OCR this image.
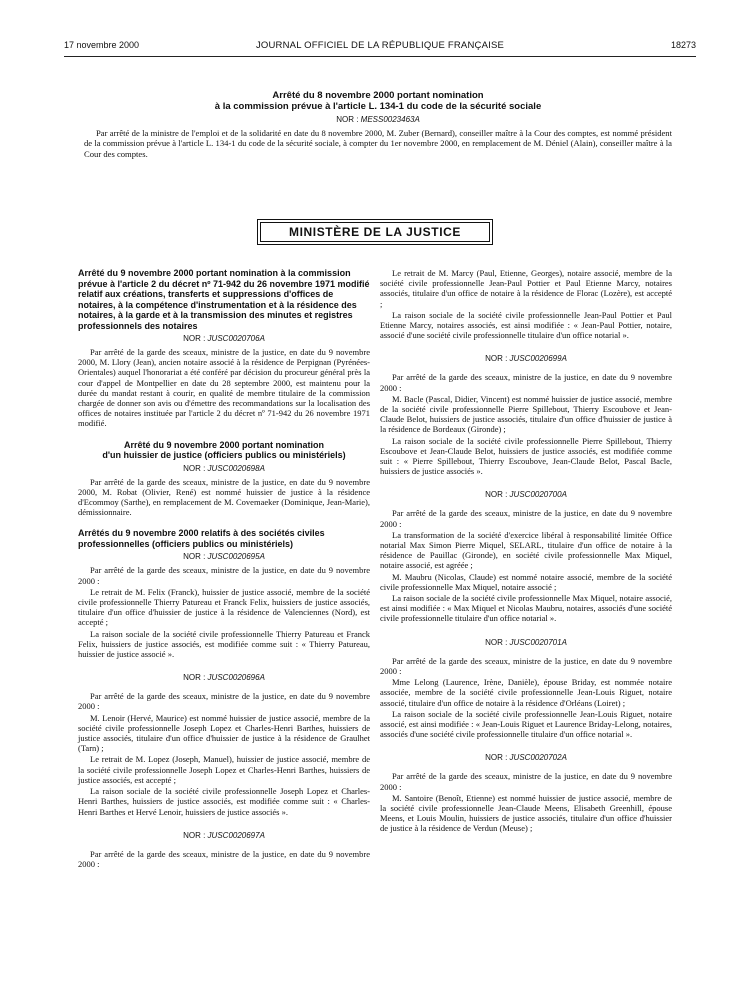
17 novembre 2000	JOURNAL OFFICIEL DE LA RÉPUBLIQUE FRANÇAISE	18273

Arrêté du 8 novembre 2000 portant nomination

à la commission prévue à l'article L. 134-1 du code de la sécurité sociale

NOR : MESS0023463A

Par arrêté de la ministre de l'emploi et de la solidarité en date du 8 novembre 2000, M. Zuber (Bernard), conseiller maître à la Cour des comptes, est nommé président de la commission prévue à l'article L. 134-1 du code de la sécurité sociale, à compter du 1er novembre 2000, en remplacement de M. Déniel (Alain), conseiller maître à la Cour des comptes.

MINISTÈRE DE LA JUSTICE

Arrêté du 9 novembre 2000 portant nomination à la commission prévue à l'article 2 du décret nº 71-942 du 26 novembre 1971 modifié relatif aux créations, transferts et suppressions d'offices de notaires, à la compétence d'instrumentation et à la résidence des notaires, à la garde et à la transmission des minutes et registres professionnels des notaires

NOR : JUSC0020706A

Par arrêté de la garde des sceaux, ministre de la justice, en date du 9 novembre 2000, M. Llory (Jean), ancien notaire associé à la résidence de Perpignan (Pyrénées-Orientales) auquel l'honorariat a été conféré par décision du procureur général près la cour d'appel de Montpellier en date du 28 septembre 2000, est maintenu pour la durée du mandat restant à courir, en qualité de membre titulaire de la commission chargée de donner son avis ou d'émettre des recommandations sur la localisation des offices de notaires instituée par l'article 2 du décret nº 71-942 du 26 novembre 1971 modifié.

Arrêté du 9 novembre 2000 portant nomination

d'un huissier de justice (officiers publics ou ministériels)

NOR : JUSC0020698A

Par arrêté de la garde des sceaux, ministre de la justice, en date du 9 novembre 2000, M. Robat (Olivier, René) est nommé huissier de justice à la résidence d'Ecommoy (Sarthe), en remplacement de M. Covemaeker (Dominique, Jean-Marie), démissionnaire.

Arrêtés du 9 novembre 2000 relatifs à des sociétés civiles professionnelles (officiers publics ou ministériels)

NOR : JUSC0020695A

Par arrêté de la garde des sceaux, ministre de la justice, en date du 9 novembre 2000 :

Le retrait de M. Felix (Franck), huissier de justice associé, membre de la société civile professionnelle Thierry Patureau et Franck Felix, huissiers de justice associés, titulaire d'un office d'huissier de justice à la résidence de Valenciennes (Nord), est accepté ;

La raison sociale de la société civile professionnelle Thierry Patureau et Franck Felix, huissiers de justice associés, est modifiée comme suit : « Thierry Patureau, huissier de justice associé ».

NOR : JUSC0020696A

Par arrêté de la garde des sceaux, ministre de la justice, en date du 9 novembre 2000 :

M. Lenoir (Hervé, Maurice) est nommé huissier de justice associé, membre de la société civile professionnelle Joseph Lopez et Charles-Henri Barthes, huissiers de justice associés, titulaire d'un office d'huissier de justice à la résidence de Graulhet (Tarn) ;

Le retrait de M. Lopez (Joseph, Manuel), huissier de justice associé, membre de la société civile professionnelle Joseph Lopez et Charles-Henri Barthes, huissiers de justice associés, est accepté ;

La raison sociale de la société civile professionnelle Joseph Lopez et Charles-Henri Barthes, huissiers de justice associés, est modifiée comme suit : « Charles-Henri Barthes et Hervé Lenoir, huissiers de justice associés ».

NOR : JUSC0020697A

Par arrêté de la garde des sceaux, ministre de la justice, en date du 9 novembre 2000 :

Le retrait de M. Marcy (Paul, Etienne, Georges), notaire associé, membre de la société civile professionnelle Jean-Paul Pottier et Paul Etienne Marcy, notaires associés, titulaire d'un office de notaire à la résidence de Florac (Lozère), est accepté ;

La raison sociale de la société civile professionnelle Jean-Paul Pottier et Paul Etienne Marcy, notaires associés, est ainsi modifiée : « Jean-Paul Pottier, notaire, associé d'une société civile professionnelle titulaire d'un office notarial ».

NOR : JUSC0020699A

Par arrêté de la garde des sceaux, ministre de la justice, en date du 9 novembre 2000 :

M. Bacle (Pascal, Didier, Vincent) est nommé huissier de justice associé, membre de la société civile professionnelle Pierre Spillebout, Thierry Escoubove et Jean-Claude Belot, huissiers de justice associés, titulaire d'un office d'huissier de justice à la résidence de Bordeaux (Gironde) ;

La raison sociale de la société civile professionnelle Pierre Spillebout, Thierry Escoubove et Jean-Claude Belot, huissiers de justice associés, est modifiée comme suit : « Pierre Spillebout, Thierry Escoubove, Jean-Claude Belot, Pascal Bacle, huissiers de justice associés ».

NOR : JUSC0020700A

Par arrêté de la garde des sceaux, ministre de la justice, en date du 9 novembre 2000 :

La transformation de la société d'exercice libéral à responsabilité limitée Office notarial Max Simon Pierre Miquel, SELARL, titulaire d'un office de notaire à la résidence de Pauillac (Gironde), en société civile professionnelle Max Miquel, notaire associé, est agréée ;

M. Maubru (Nicolas, Claude) est nommé notaire associé, membre de la société civile professionnelle Max Miquel, notaire associé ;

La raison sociale de la société civile professionnelle Max Miquel, notaire associé, est ainsi modifiée : « Max Miquel et Nicolas Maubru, notaires, associés d'une société civile professionnelle titulaire d'un office notarial ».

NOR : JUSC0020701A

Par arrêté de la garde des sceaux, ministre de la justice, en date du 9 novembre 2000 :

Mme Lelong (Laurence, Irène, Danièle), épouse Briday, est nommée notaire associée, membre de la société civile professionnelle Jean-Louis Riguet, notaire associé, titulaire d'un office de notaire à la résidence d'Orléans (Loiret) ;

La raison sociale de la société civile professionnelle Jean-Louis Riguet, notaire associé, est ainsi modifiée : « Jean-Louis Riguet et Laurence Briday-Lelong, notaires, associés d'une société civile professionnelle titulaire d'un office notarial ».

NOR : JUSC0020702A

Par arrêté de la garde des sceaux, ministre de la justice, en date du 9 novembre 2000 :

M. Santoire (Benoît, Etienne) est nommé huissier de justice associé, membre de la société civile professionnelle Jean-Claude Meens, Elisabeth Greenhill, épouse Meens, et Louis Moulin, huissiers de justice associés, titulaire d'un office d'huissier de justice à la résidence de Verdun (Meuse) ;
